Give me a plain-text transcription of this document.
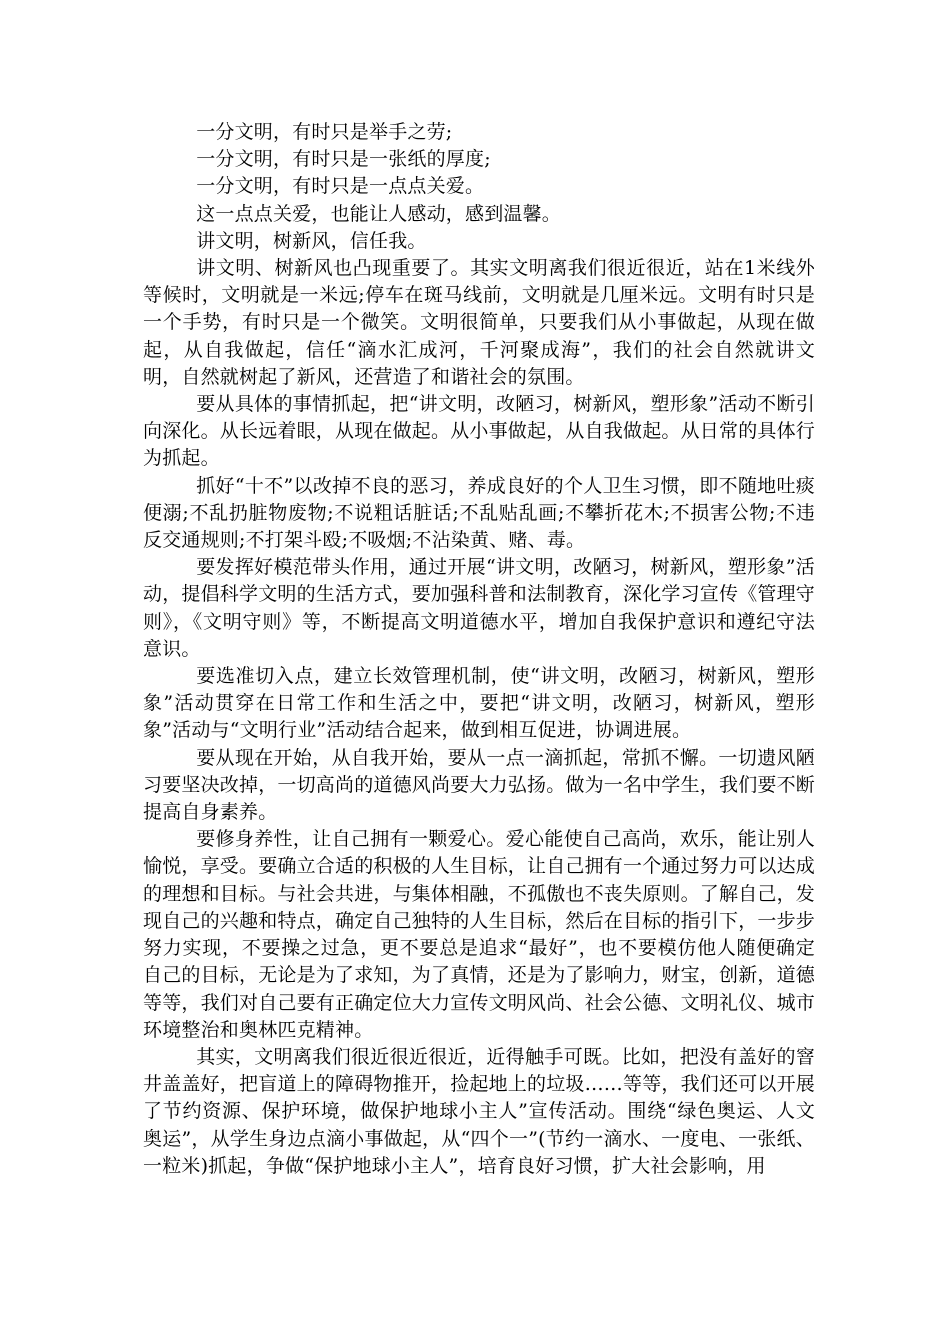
一分文明，有时只是举手之劳;

一分文明，有时只是一张纸的厚度;

一分文明，有时只是一点点关爱。

这一点点关爱，也能让人感动，感到温馨。

讲文明，树新风，信任我。

讲文明、树新风也凸现重要了。其实文明离我们很近很近，站在1米线外等候时，文明就是一米远;停车在斑马线前，文明就是几厘米远。文明有时只是一个手势，有时只是一个微笑。文明很简单，只要我们从小事做起，从现在做起，从自我做起，信任“滴水汇成河，千河聚成海”，我们的社会自然就讲文明，自然就树起了新风，还营造了和谐社会的氛围。

要从具体的事情抓起，把“讲文明，改陋习，树新风，塑形象”活动不断引向深化。从长远着眼，从现在做起。从小事做起，从自我做起。从日常的具体行为抓起。

抓好“十不”以改掉不良的恶习，养成良好的个人卫生习惯，即不随地吐痰便溺;不乱扔脏物废物;不说粗话脏话;不乱贴乱画;不攀折花木;不损害公物;不违反交通规则;不打架斗殴;不吸烟;不沾染黄、赌、毒。

要发挥好模范带头作用，通过开展“讲文明，改陋习，树新风，塑形象”活动，提倡科学文明的生活方式，要加强科普和法制教育，深化学习宣传《管理守则》，《文明守则》等，不断提高文明道德水平，增加自我保护意识和遵纪守法意识。

要选准切入点，建立长效管理机制，使“讲文明，改陋习，树新风，塑形象”活动贯穿在日常工作和生活之中，要把“讲文明，改陋习，树新风，塑形象”活动与“文明行业”活动结合起来，做到相互促进，协调进展。

要从现在开始，从自我开始，要从一点一滴抓起，常抓不懈。一切遗风陋习要坚决改掉，一切高尚的道德风尚要大力弘扬。做为一名中学生，我们要不断提高自身素养。

要修身养性，让自己拥有一颗爱心。爱心能使自己高尚，欢乐，能让别人愉悦，享受。要确立合适的积极的人生目标，让自己拥有一个通过努力可以达成的理想和目标。与社会共进，与集体相融，不孤傲也不丧失原则。了解自己，发现自己的兴趣和特点，确定自己独特的人生目标，然后在目标的指引下，一步步努力实现，不要操之过急，更不要总是追求“最好”，也不要模仿他人随便确定自己的目标，无论是为了求知，为了真情，还是为了影响力，财宝，创新，道德等等，我们对自己要有正确定位大力宣传文明风尚、社会公德、文明礼仪、城市环境整治和奥林匹克精神。

其实，文明离我们很近很近很近，近得触手可既。比如，把没有盖好的窨井盖盖好，把盲道上的障碍物推开，捡起地上的垃圾……等等，我们还可以开展了节约资源、保护环境，做保护地球小主人”宣传活动。围绕“绿色奥运、人文奥运”，从学生身边点滴小事做起，从“四个一”(节约一滴水、一度电、一张纸、一粒米)抓起，争做“保护地球小主人”，培育良好习惯，扩大社会影响，用
